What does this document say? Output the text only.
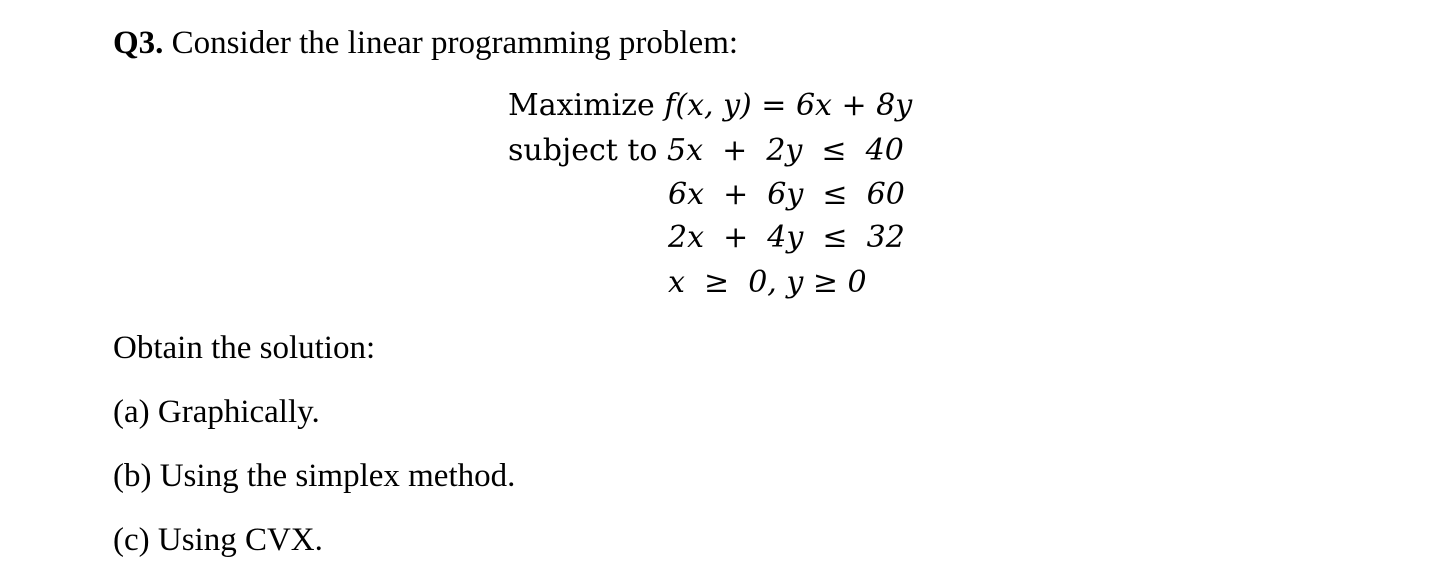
Q3. Consider the linear programming problem:
Maximize f(x, y) = 6x + 8y
subject to 5x  +  2y  ≤  40
6x  +  6y  ≤  60
2x  +  4y  ≤  32
x  ≥  0, y ≥ 0
Obtain the solution:
(a) Graphically.
(b) Using the simplex method.
(c) Using CVX.
